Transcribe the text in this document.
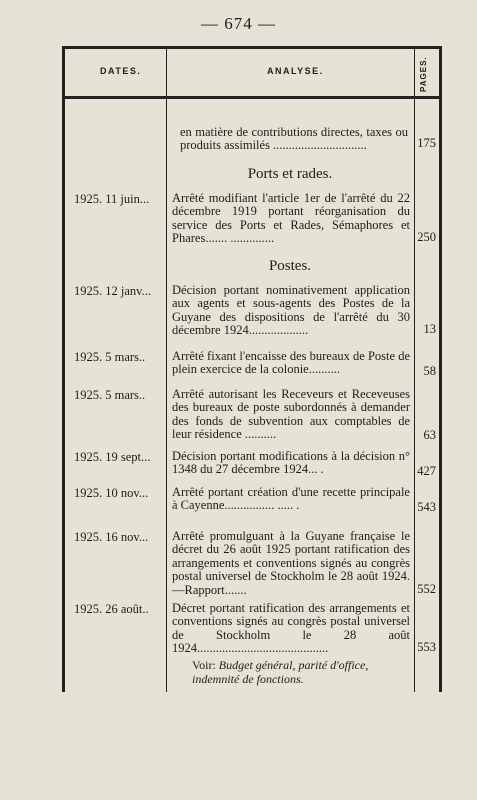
— 674 —
DATES.	ANALYSE.	PAGES.
en matière de contributions directes, taxes ou produits assimilés ..............................	175
Ports et rades.
1925. 11 juin...	Arrêté modifiant l'article 1er de l'arrêté du 22 décembre 1919 portant réorganisation du service des Ports et Rades, Sémaphores et Phares....... ..............	250
Postes.
1925. 12 janv...	Décision portant nominativement application aux agents et sous-agents des Postes de la Guyane des dispositions de l'arrêté du 30 décembre 1924...................	13
1925. 5 mars..	Arrêté fixant l'encaisse des bureaux de Poste de plein exercice de la colonie..........	58
1925. 5 mars..	Arrêté autorisant les Receveurs et Receveuses des bureaux de poste subordonnés à demander des fonds de subvention aux comptables de leur résidence ..........	63
1925. 19 sept...	Décision portant modifications à la décision n° 1348 du 27 décembre 1924... .	427
1925. 10 nov...	Arrêté portant création d'une recette principale à Cayenne................ ..... .	543
1925. 16 nov...	Arrêté promulguant à la Guyane française le décret du 26 août 1925 portant ratification des arrangements et conventions signés au congrès postal universel de Stockholm le 28 août 1924.—Rapport.......	552
1925. 26 août..	Décret portant ratification des arrangements et conventions signés au congrès postal universel de Stockholm le 28 août 1924..........................................	553
Voir: Budget général, parité d'office, indemnité de fonctions.
